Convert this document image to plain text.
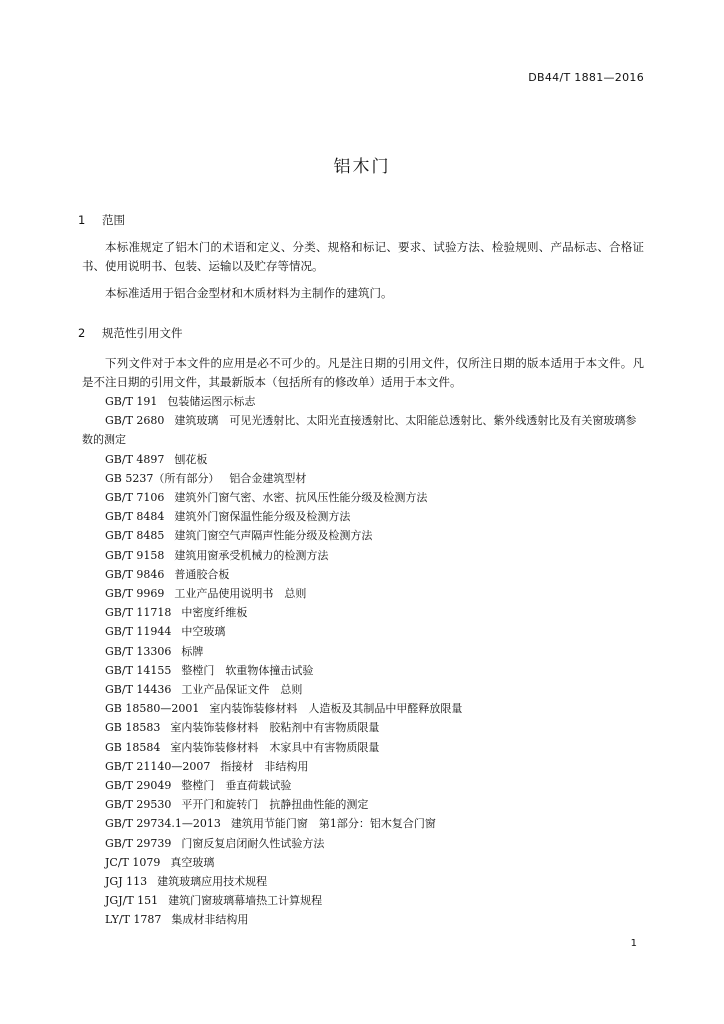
DB44/T 1881—2016
铝木门
1 范围

本标准规定了铝木门的术语和定义、分类、规格和标记、要求、试验方法、检验规则、产品标志、合格证书、使用说明书、包装、运输以及贮存等情况。

本标准适用于铝合金型材和木质材料为主制作的建筑门。

2 规范性引用文件

下列文件对于本文件的应用是必不可少的。凡是注日期的引用文件，仅所注日期的版本适用于本文件。凡是不注日期的引用文件，其最新版本（包括所有的修改单）适用于本文件。

GB/T 191 包装储运图示标志
GB/T 2680 建筑玻璃　可见光透射比、太阳光直接透射比、太阳能总透射比、紫外线透射比及有关窗玻璃参数的测定
GB/T 4897 刨花板
GB 5237（所有部分） 铝合金建筑型材
GB/T 7106 建筑外门窗气密、水密、抗风压性能分级及检测方法
GB/T 8484 建筑外门窗保温性能分级及检测方法
GB/T 8485 建筑门窗空气声隔声性能分级及检测方法
GB/T 9158 建筑用窗承受机械力的检测方法
GB/T 9846 普通胶合板
GB/T 9969 工业产品使用说明书　总则
GB/T 11718 中密度纤维板
GB/T 11944 中空玻璃
GB/T 13306 标牌
GB/T 14155 整樘门　软重物体撞击试验
GB/T 14436 工业产品保证文件　总则
GB 18580—2001 室内装饰装修材料　人造板及其制品中甲醛释放限量
GB 18583 室内装饰装修材料　胶粘剂中有害物质限量
GB 18584 室内装饰装修材料　木家具中有害物质限量
GB/T 21140—2007 指接材　非结构用
GB/T 29049 整樘门　垂直荷载试验
GB/T 29530 平开门和旋转门　抗静扭曲性能的测定
GB/T 29734.1—2013 建筑用节能门窗　第1部分：铝木复合门窗
GB/T 29739 门窗反复启闭耐久性试验方法
JC/T 1079 真空玻璃
JGJ 113 建筑玻璃应用技术规程
JGJ/T 151 建筑门窗玻璃幕墙热工计算规程
LY/T 1787 集成材非结构用
1
